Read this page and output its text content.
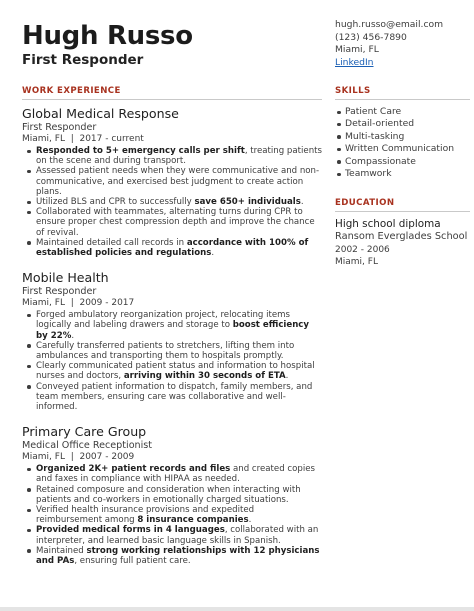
Hugh Russo
First Responder
hugh.russo@email.com
(123) 456-7890
Miami, FL
LinkedIn
WORK EXPERIENCE
Global Medical Response
First Responder
Miami, FL | 2017 - current
Responded to 5+ emergency calls per shift, treating patients on the scene and during transport.
Assessed patient needs when they were communicative and non-communicative, and exercised best judgment to create action plans.
Utilized BLS and CPR to successfully save 650+ individuals.
Collaborated with teammates, alternating turns during CPR to ensure proper chest compression depth and improve the chance of revival.
Maintained detailed call records in accordance with 100% of established policies and regulations.
Mobile Health
First Responder
Miami, FL | 2009 - 2017
Forged ambulatory reorganization project, relocating items logically and labeling drawers and storage to boost efficiency by 22%.
Carefully transferred patients to stretchers, lifting them into ambulances and transporting them to hospitals promptly.
Clearly communicated patient status and information to hospital nurses and doctors, arriving within 30 seconds of ETA.
Conveyed patient information to dispatch, family members, and team members, ensuring care was collaborative and well-informed.
Primary Care Group
Medical Office Receptionist
Miami, FL | 2007 - 2009
Organized 2K+ patient records and files and created copies and faxes in compliance with HIPAA as needed.
Retained composure and consideration when interacting with patients and co-workers in emotionally charged situations.
Verified health insurance provisions and expedited reimbursement among 8 insurance companies.
Provided medical forms in 4 languages, collaborated with an interpreter, and learned basic language skills in Spanish.
Maintained strong working relationships with 12 physicians and PAs, ensuring full patient care.
SKILLS
Patient Care
Detail-oriented
Multi-tasking
Written Communication
Compassionate
Teamwork
EDUCATION
High school diploma
Ransom Everglades School
2002 - 2006
Miami, FL
